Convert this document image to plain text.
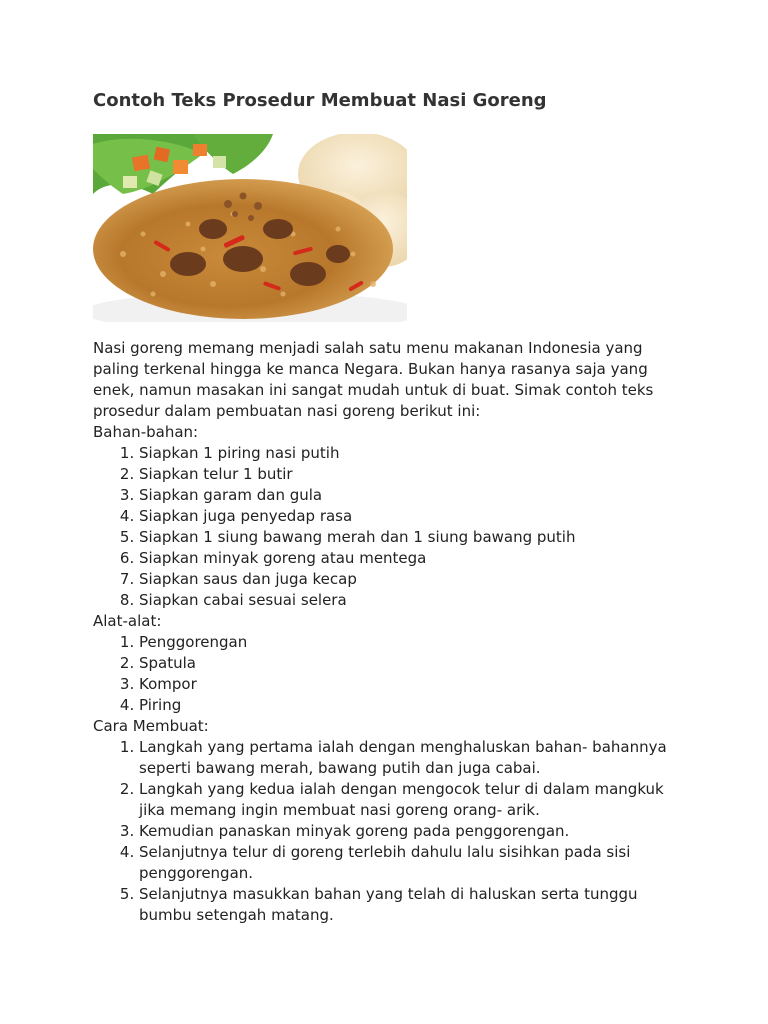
Contoh Teks Prosedur Membuat Nasi Goreng

Nasi goreng memang menjadi salah satu menu makanan Indonesia yang paling terkenal hingga ke manca Negara. Bukan hanya rasanya saja yang enek, namun masakan ini sangat mudah untuk di buat. Simak contoh teks prosedur dalam pembuatan nasi goreng berikut ini:

Bahan-bahan:

1. Siapkan 1 piring nasi putih
2. Siapkan telur 1 butir
3. Siapkan garam dan gula
4. Siapkan juga penyedap rasa
5. Siapkan 1 siung bawang merah dan 1 siung bawang putih
6. Siapkan minyak goreng atau mentega
7. Siapkan saus dan juga kecap
8. Siapkan cabai sesuai selera

Alat-alat:

1. Penggorengan
2. Spatula
3. Kompor
4. Piring

Cara Membuat:

1. Langkah yang pertama ialah dengan menghaluskan bahan- bahannya seperti bawang merah, bawang putih dan juga cabai.
2. Langkah yang kedua ialah dengan mengocok telur di dalam mangkuk jika memang ingin membuat nasi goreng orang- arik.
3. Kemudian panaskan minyak goreng pada penggorengan.
4. Selanjutnya telur di goreng terlebih dahulu lalu sisihkan pada sisi penggorengan.
5. Selanjutnya masukkan bahan yang telah di haluskan serta tunggu bumbu setengah matang.
